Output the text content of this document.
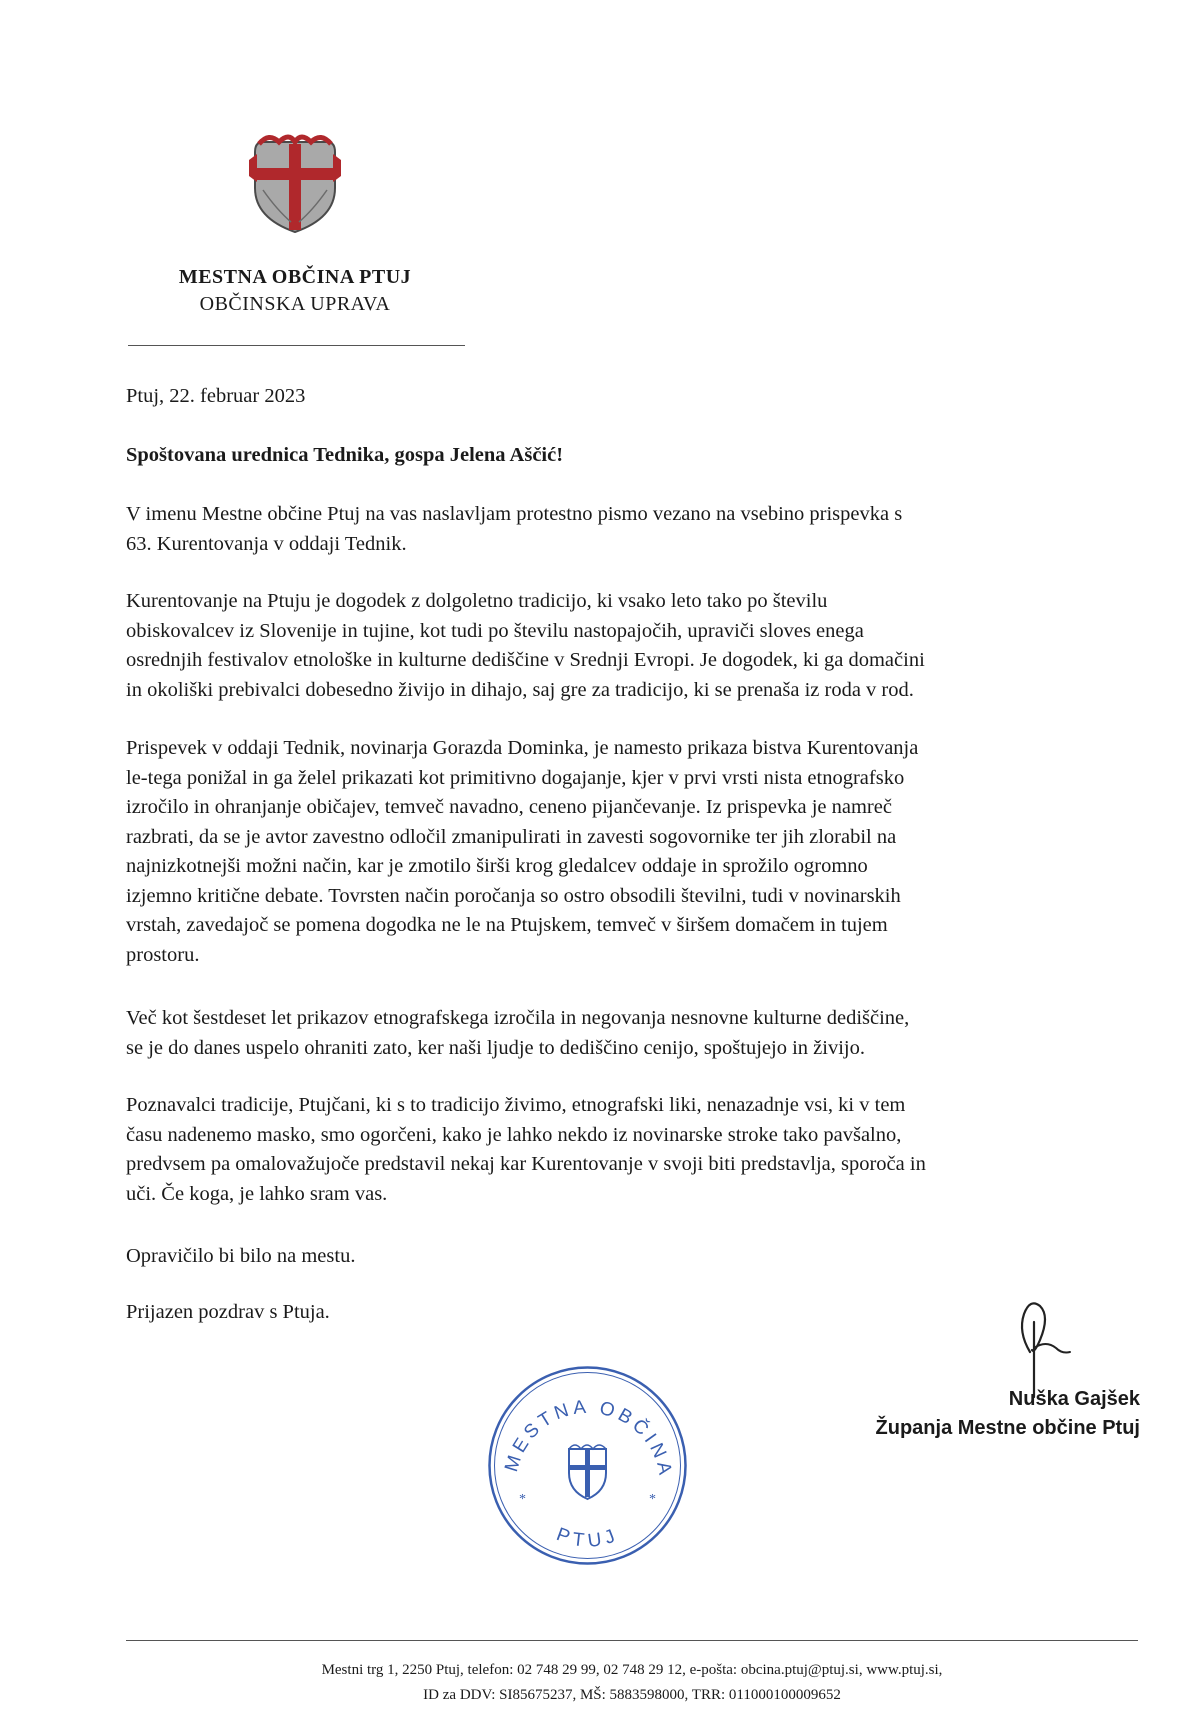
MESTNA OBČINA PTUJ
OBČINSKA UPRAVA
Ptuj, 22. februar 2023
Spoštovana urednica Tednika, gospa Jelena Aščić!
V imenu Mestne občine Ptuj na vas naslavljam protestno pismo vezano na vsebino prispevka s
63. Kurentovanja v oddaji Tednik.
Kurentovanje na Ptuju je dogodek z dolgoletno tradicijo, ki vsako leto tako po številu
obiskovalcev iz Slovenije in tujine, kot tudi po številu nastopajočih, upraviči sloves enega
osrednjih festivalov etnološke in kulturne dediščine v Srednji Evropi. Je dogodek, ki ga domačini
in okoliški prebivalci dobesedno živijo in dihajo, saj gre za tradicijo, ki se prenaša iz roda v rod.
Prispevek v oddaji Tednik, novinarja Gorazda Dominka, je namesto prikaza bistva Kurentovanja
le-tega ponižal in ga želel prikazati kot primitivno dogajanje, kjer v prvi vrsti nista etnografsko
izročilo in ohranjanje običajev, temveč navadno, ceneno pijančevanje. Iz prispevka je namreč
razbrati, da se je avtor zavestno odločil zmanipulirati in zavesti sogovornike ter jih zlorabil na
najnizkotnejši možni način, kar je zmotilo širši krog gledalcev oddaje in sprožilo ogromno
izjemno kritične debate. Tovrsten način poročanja so ostro obsodili številni, tudi v novinarskih
vrstah, zavedajoč se pomena dogodka ne le na Ptujskem, temveč v širšem domačem in tujem
prostoru.
Več kot šestdeset let prikazov etnografskega izročila in negovanja nesnovne kulturne dediščine,
se je do danes uspelo ohraniti zato, ker naši ljudje to dediščino cenijo, spoštujejo in živijo.
Poznavalci tradicije, Ptujčani, ki s to tradicijo živimo, etnografski liki, nenazadnje vsi, ki v tem
času nadenemo masko, smo ogorčeni, kako je lahko nekdo iz novinarske stroke tako pavšalno,
predvsem pa omalovažujoče predstavil nekaj kar Kurentovanje v svoji biti predstavlja, sporoča in
uči. Če koga, je lahko sram vas.
Opravičilo bi bilo na mestu.
Prijazen pozdrav s Ptuja.
Nuška Gajšek
Županja Mestne občine Ptuj
MESTNA OBČINA
PTUJ
*	*
Mestni trg 1, 2250 Ptuj, telefon: 02 748 29 99, 02 748 29 12, e-pošta: obcina.ptuj@ptuj.si, www.ptuj.si,
ID za DDV: SI85675237, MŠ: 5883598000, TRR: 011000100009652
